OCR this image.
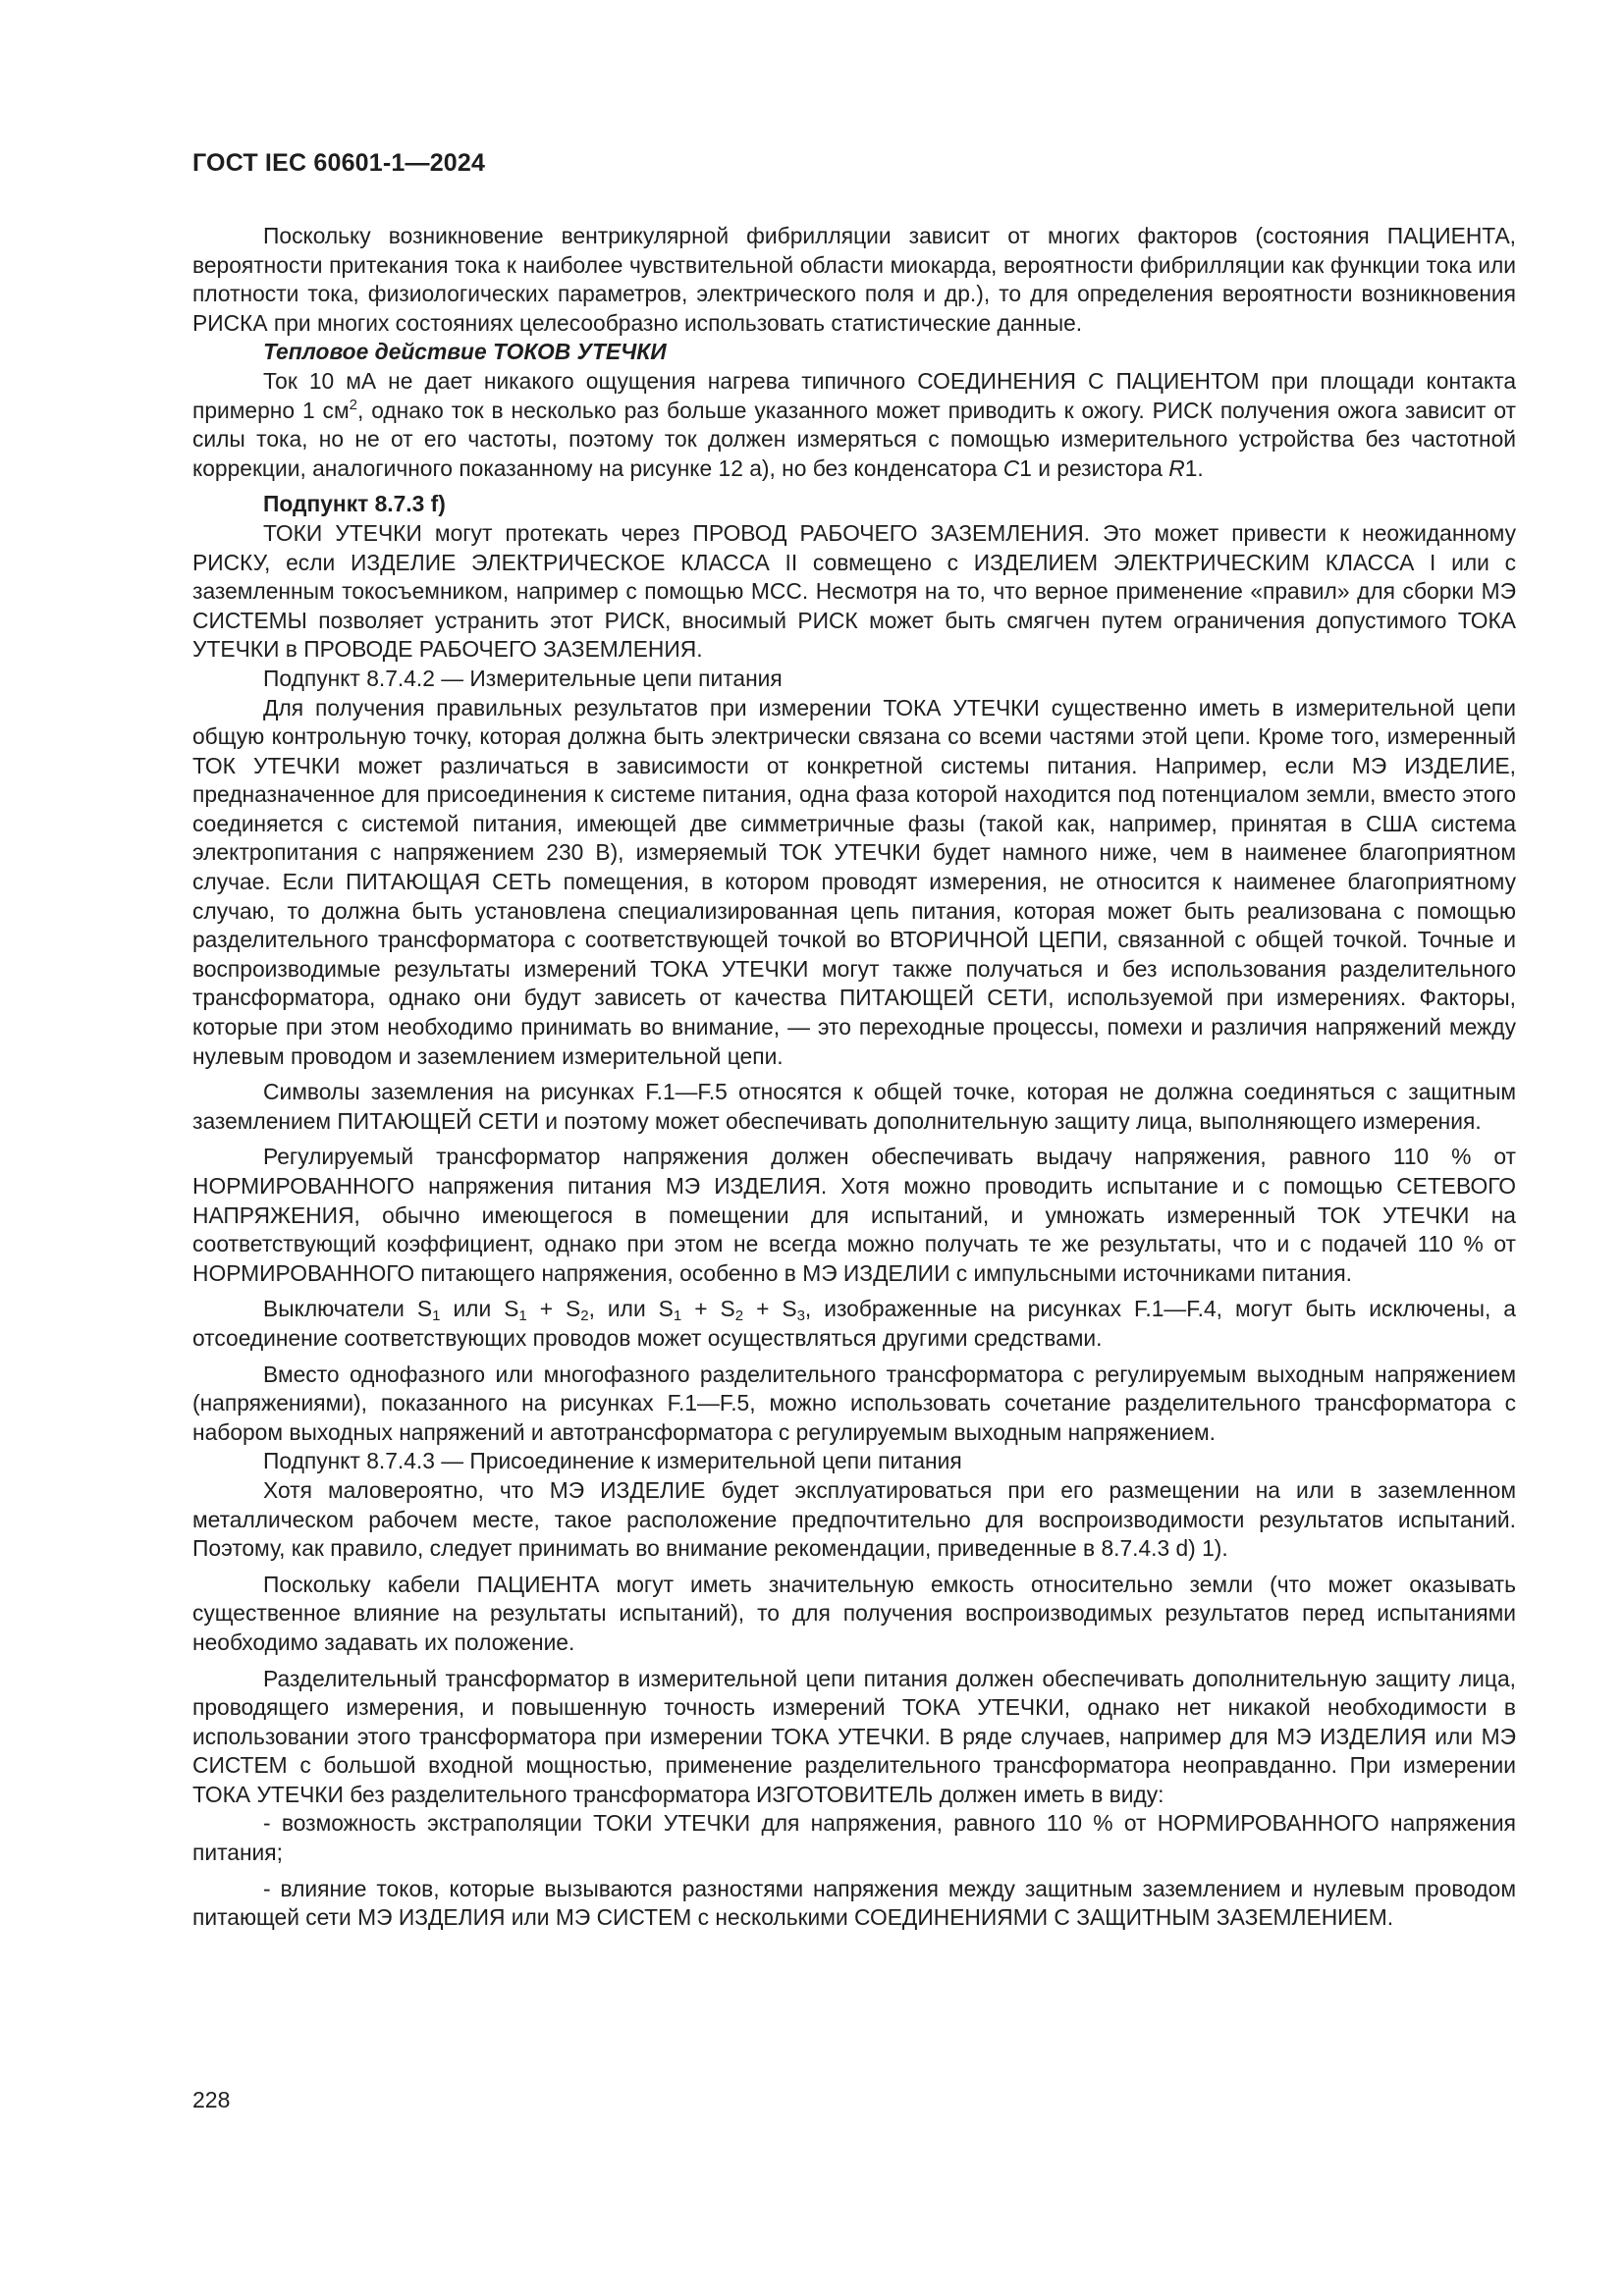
ГОСТ IEC 60601-1—2024

Поскольку возникновение вентрикулярной фибрилляции зависит от многих факторов (состояния ПАЦИЕНТА, вероятности притекания тока к наиболее чувствительной области миокарда, вероятности фибрилляции как функции тока или плотности тока, физиологических параметров, электрического поля и др.), то для определения вероятности возникновения РИСКА при многих состояниях целесообразно использовать статистические данные.

Тепловое действие ТОКОВ УТЕЧКИ

Ток 10 мА не дает никакого ощущения нагрева типичного СОЕДИНЕНИЯ С ПАЦИЕНТОМ при площади контакта примерно 1 $см^2$, однако ток в несколько раз больше указанного может приводить к ожогу. РИСК получения ожога зависит от силы тока, но не от его частоты, поэтому ток должен измеряться с помощью измерительного устройства без частотной коррекции, аналогичного показанному на рисунке 12 а), но без конденсатора C1 и резистора R1.

Подпункт 8.7.3 f)

ТОКИ УТЕЧКИ могут протекать через ПРОВОД РАБОЧЕГО ЗАЗЕМЛЕНИЯ. Это может привести к неожиданному РИСКУ, если ИЗДЕЛИЕ ЭЛЕКТРИЧЕСКОЕ КЛАССА II совмещено с ИЗДЕЛИЕМ ЭЛЕКТРИЧЕСКИМ КЛАССА I или с заземленным токосъемником, например с помощью МСС. Несмотря на то, что верное применение «правил» для сборки МЭ СИСТЕМЫ позволяет устранить этот РИСК, вносимый РИСК может быть смягчен путем ограничения допустимого ТОКА УТЕЧКИ в ПРОВОДЕ РАБОЧЕГО ЗАЗЕМЛЕНИЯ.

Подпункт 8.7.4.2 — Измерительные цепи питания

Для получения правильных результатов при измерении ТОКА УТЕЧКИ существенно иметь в измерительной цепи общую контрольную точку, которая должна быть электрически связана со всеми частями этой цепи. Кроме того, измеренный ТОК УТЕЧКИ может различаться в зависимости от конкретной системы питания. Например, если МЭ ИЗДЕЛИЕ, предназначенное для присоединения к системе питания, одна фаза которой находится под потенциалом земли, вместо этого соединяется с системой питания, имеющей две симметричные фазы (такой как, например, принятая в США система электропитания с напряжением 230 В), измеряемый ТОК УТЕЧКИ будет намного ниже, чем в наименее благоприятном случае. Если ПИТАЮЩАЯ СЕТЬ помещения, в котором проводят измерения, не относится к наименее благоприятному случаю, то должна быть установлена специализированная цепь питания, которая может быть реализована с помощью разделительного трансформатора с соответствующей точкой во ВТОРИЧНОЙ ЦЕПИ, связанной с общей точкой. Точные и воспроизводимые результаты измерений ТОКА УТЕЧКИ могут также получаться и без использования разделительного трансформатора, однако они будут зависеть от качества ПИТАЮЩЕЙ СЕТИ, используемой при измерениях. Факторы, которые при этом необходимо принимать во внимание, — это переходные процессы, помехи и различия напряжений между нулевым проводом и заземлением измерительной цепи.

Символы заземления на рисунках F.1—F.5 относятся к общей точке, которая не должна соединяться с защитным заземлением ПИТАЮЩЕЙ СЕТИ и поэтому может обеспечивать дополнительную защиту лица, выполняющего измерения.

Регулируемый трансформатор напряжения должен обеспечивать выдачу напряжения, равного 110 % от НОРМИРОВАННОГО напряжения питания МЭ ИЗДЕЛИЯ. Хотя можно проводить испытание и с помощью СЕТЕВОГО НАПРЯЖЕНИЯ, обычно имеющегося в помещении для испытаний, и умножать измеренный ТОК УТЕЧКИ на соответствующий коэффициент, однако при этом не всегда можно получать те же результаты, что и с подачей 110 % от НОРМИРОВАННОГО питающего напряжения, особенно в МЭ ИЗДЕЛИИ с импульсными источниками питания.

Выключатели $S_1$ или $S_1 + S_2$, или $S_1 + S_2 + S_3$, изображенные на рисунках F.1—F.4, могут быть исключены, а отсоединение соответствующих проводов может осуществляться другими средствами.

Вместо однофазного или многофазного разделительного трансформатора с регулируемым выходным напряжением (напряжениями), показанного на рисунках F.1—F.5, можно использовать сочетание разделительного трансформатора с набором выходных напряжений и автотрансформатора с регулируемым выходным напряжением.

Подпункт 8.7.4.3 — Присоединение к измерительной цепи питания

Хотя маловероятно, что МЭ ИЗДЕЛИЕ будет эксплуатироваться при его размещении на или в заземленном металлическом рабочем месте, такое расположение предпочтительно для воспроизводимости результатов испытаний. Поэтому, как правило, следует принимать во внимание рекомендации, приведенные в 8.7.4.3 d) 1).

Поскольку кабели ПАЦИЕНТА могут иметь значительную емкость относительно земли (что может оказывать существенное влияние на результаты испытаний), то для получения воспроизводимых результатов перед испытаниями необходимо задавать их положение.

Разделительный трансформатор в измерительной цепи питания должен обеспечивать дополнительную защиту лица, проводящего измерения, и повышенную точность измерений ТОКА УТЕЧКИ, однако нет никакой необходимости в использовании этого трансформатора при измерении ТОКА УТЕЧКИ. В ряде случаев, например для МЭ ИЗДЕЛИЯ или МЭ СИСТЕМ с большой входной мощностью, применение разделительного трансформатора неоправданно. При измерении ТОКА УТЕЧКИ без разделительного трансформатора ИЗГОТОВИТЕЛЬ должен иметь в виду:

- возможность экстраполяции ТОКИ УТЕЧКИ для напряжения, равного 110 % от НОРМИРОВАННОГО напряжения питания;

- влияние токов, которые вызываются разностями напряжения между защитным заземлением и нулевым проводом питающей сети МЭ ИЗДЕЛИЯ или МЭ СИСТЕМ с несколькими СОЕДИНЕНИЯМИ С ЗАЩИТНЫМ ЗАЗЕМЛЕНИЕМ.

228
